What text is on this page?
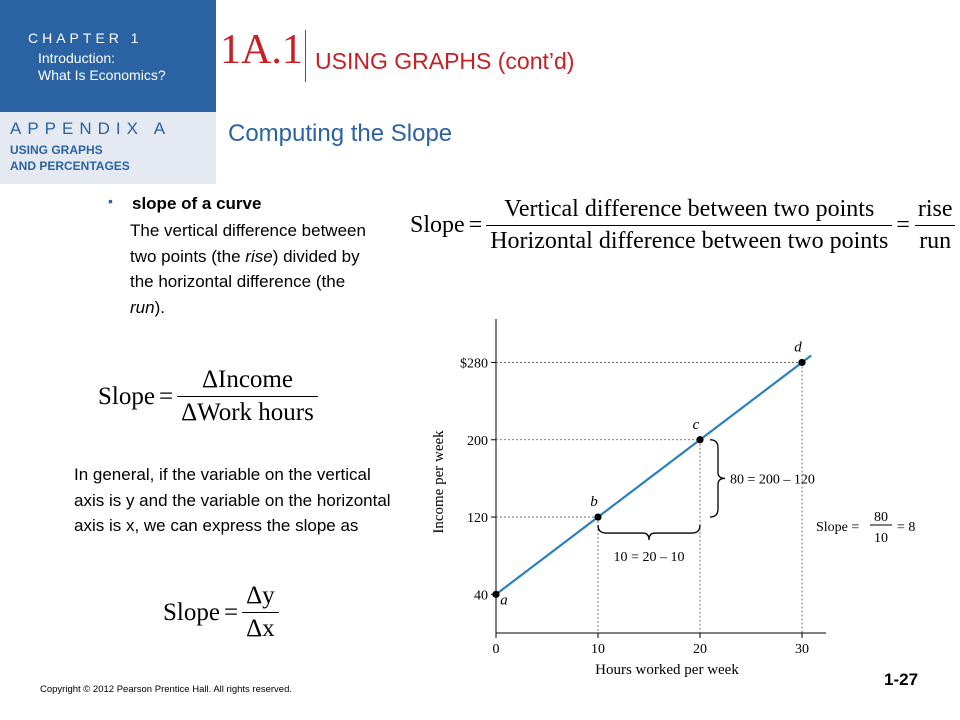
CHAPTER 1
Introduction:
What Is Economics?
APPENDIX A
USING GRAPHS
AND PERCENTAGES
1A.1 USING GRAPHS (cont’d)
Computing the Slope
• slope of a curve
The vertical difference between two points (the rise) divided by the horizontal difference (the run).
Slope = $\frac{\text{Vertical difference between two points}}{\text{Horizontal difference between two points}} = \frac{\text{rise}}{\text{run}}$
Slope = $\frac{\text{ΔIncome}}{\text{ΔWork hours}}$
In general, if the variable on the vertical axis is y and the variable on the horizontal axis is x, we can express the slope as
Slope = $\frac{\Delta y}{\Delta x}$	40
120
200
$280
0	10	20	30
Hours worked per week
Income per week
a
b
c
d
10 = 20 – 10
80 = 200 – 120
Slope =
80
10
= 8
Copyright © 2012 Pearson Prentice Hall. All rights reserved.
1-27
